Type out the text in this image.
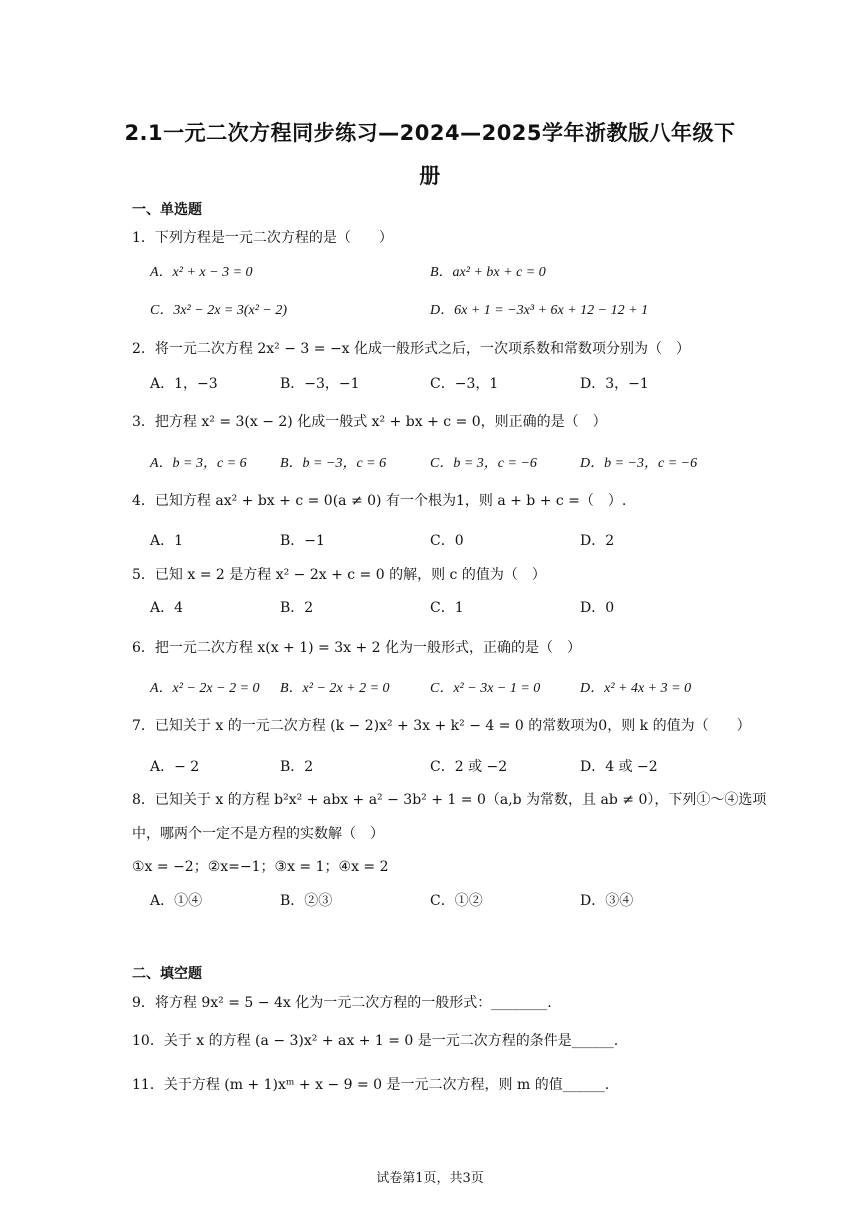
2.1一元二次方程同步练习—2024—2025学年浙教版八年级下
册
一、单选题
1．下列方程是一元二次方程的是（　　）
A．x² + x − 3 = 0	B．ax² + bx + c = 0
C．3x² − 2x = 3(x² − 2)	D．6x + 1 = −3x³ + 6x + 12 − 12 + 1
2．将一元二次方程 2x² − 3 = −x 化成一般形式之后，一次项系数和常数项分别为（　）
A．1，−3	B．−3，−1	C．−3，1	D．3，−1
3．把方程 x² = 3(x − 2) 化成一般式 x² + bx + c = 0，则正确的是（　）
A．b = 3，c = 6 B．b = −3，c = 6	C．b = 3，c = −6	D．b = −3，c = −6
4．已知方程 ax² + bx + c = 0(a ≠ 0) 有一个根为1，则 a + b + c =（　）.
A．1	B．−1	C．0	D．2
5．已知 x = 2 是方程 x² − 2x + c = 0 的解，则 c 的值为（　）
A．4	B．2	C．1	D．0
6．把一元二次方程 x(x + 1) = 3x + 2 化为一般形式，正确的是（　）
A．x² − 2x − 2 = 0 B．x² − 2x + 2 = 0	C．x² − 3x − 1 = 0	D．x² + 4x + 3 = 0
7．已知关于 x 的一元二次方程 (k − 2)x² + 3x + k² − 4 = 0 的常数项为0，则 k 的值为（　　）
A．− 2	B．2	C．2 或 −2	D．4 或 −2
8．已知关于 x 的方程 b²x² + abx + a² − 3b² + 1 = 0（a,b 为常数，且 ab ≠ 0），下列①～④选项
中，哪两个一定不是方程的实数解（　）
①x = −2；②x=−1；③x = 1；④x = 2
A．①④	B．②③	C．①②	D．③④
二、填空题
9．将方程 9x² = 5 − 4x 化为一元二次方程的一般形式：________.
10．关于 x 的方程 (a − 3)x² + ax + 1 = 0 是一元二次方程的条件是______.
11．关于方程 (m + 1)xᵐ + x − 9 = 0 是一元二次方程，则 m 的值______.
试卷第1页，共3页
